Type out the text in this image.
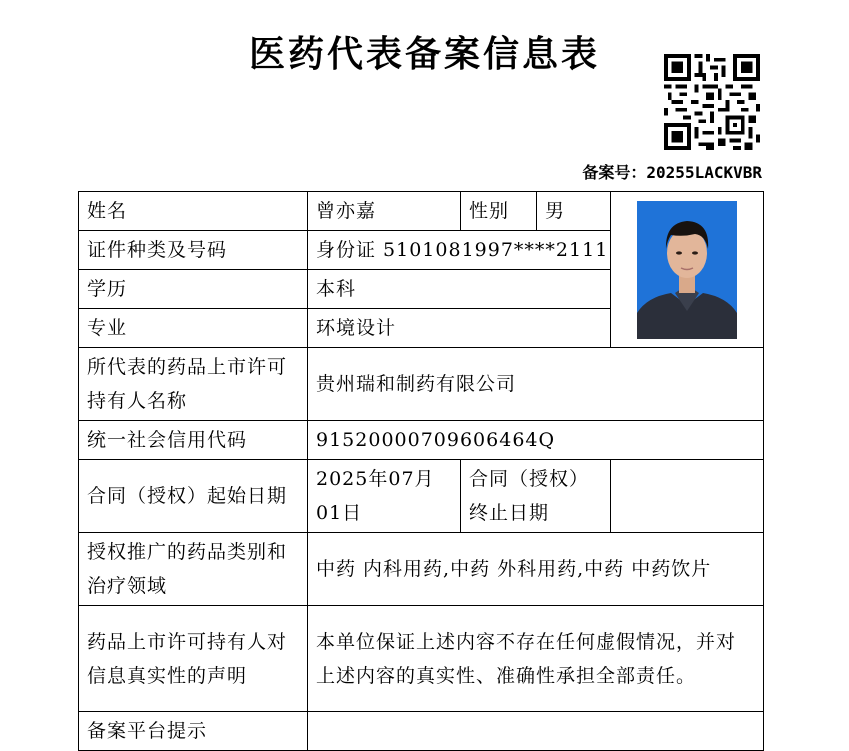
医药代表备案信息表
备案号：20255LACKVBR
姓名	曾亦嘉	性别	男	

证件种类及号码	身份证 5101081997****2111			
学历	本科			
专业	环境设计			
所代表的药品上市许可持有人名称	贵州瑞和制药有限公司			
统一社会信用代码	91520000709606464Q			
合同（授权）起始日期	2025年07月01日	合同（授权）终止日期		
授权推广的药品类别和治疗领域	中药 内科用药,中药 外科用药,中药 中药饮片			
药品上市许可持有人对信息真实性的声明	本单位保证上述内容不存在任何虚假情况，并对上述内容的真实性、准确性承担全部责任。			
备案平台提示				
